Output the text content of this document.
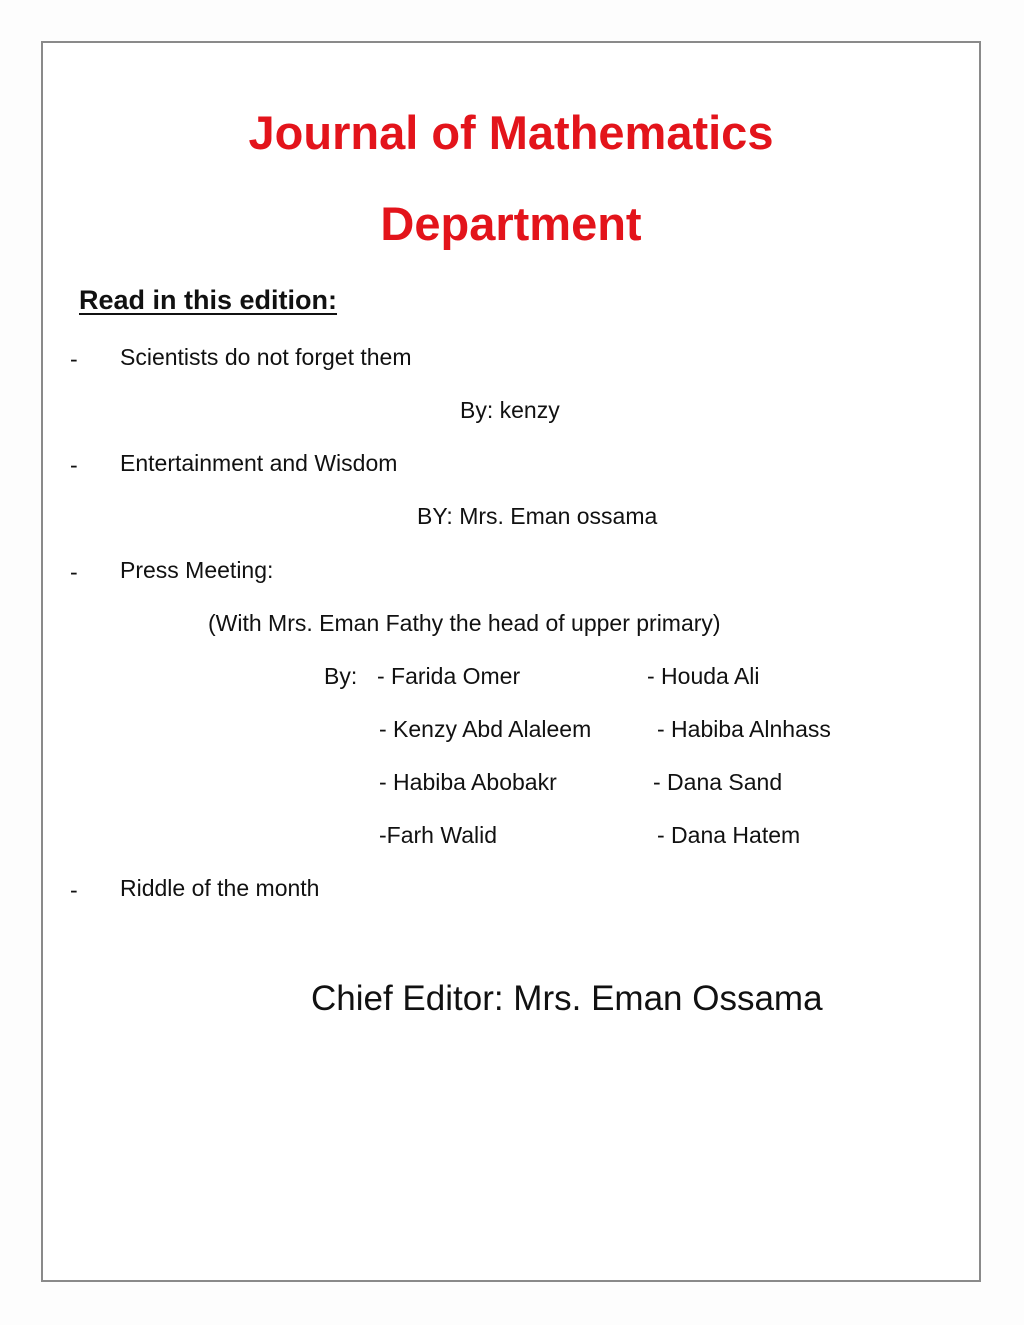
Journal of Mathematics
Department
Read in this edition:
- Scientists do not forget them
By: kenzy
- Entertainment and Wisdom
BY: Mrs. Eman ossama
- Press Meeting:
(With Mrs. Eman Fathy the head of upper primary)
By: - Farida Omer
- Kenzy Abd Alaleem
- Habiba Abobakr
-Farh Walid
- Houda Ali
- Habiba Alnhass
- Dana Sand
- Dana Hatem
- Riddle of the month
Chief Editor: Mrs. Eman Ossama
